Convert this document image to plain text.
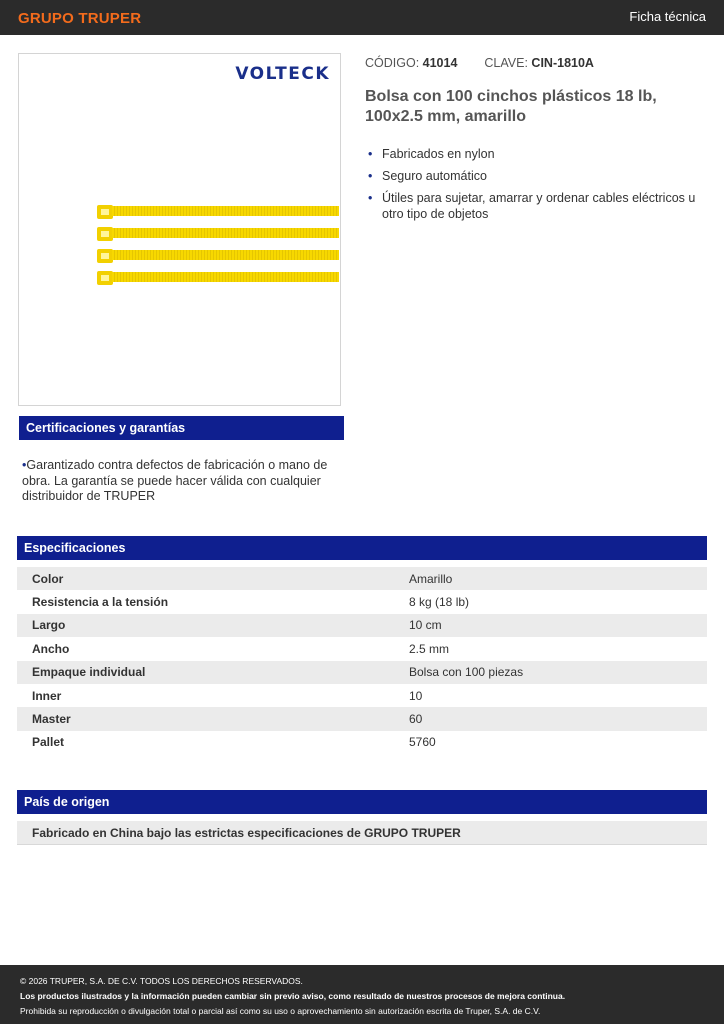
GRUPO TRUPER	Ficha técnica
VOLTECK
CÓDIGO: 41014 CLAVE: CIN-1810A
Bolsa con 100 cinchos plásticos 18 lb, 100x2.5 mm, amarillo
• Fabricados en nylon
• Seguro automático
• Útiles para sujetar, amarrar y ordenar cables eléctricos u otro tipo de objetos
Certificaciones y garantías
•Garantizado contra defectos de fabricación o mano de obra. La garantía se puede hacer válida con cualquier distribuidor de TRUPER
Especificaciones
Color	Amarillo
Resistencia a la tensión	8 kg (18 lb)
Largo	10 cm
Ancho	2.5 mm
Empaque individual	Bolsa con 100 piezas
Inner	10
Master	60
Pallet	5760
País de origen
Fabricado en China bajo las estrictas especificaciones de GRUPO TRUPER
© 2026 TRUPER, S.A. DE C.V. TODOS LOS DERECHOS RESERVADOS.
Los productos ilustrados y la información pueden cambiar sin previo aviso, como resultado de nuestros procesos de mejora continua.
Prohibida su reproducción o divulgación total o parcial así como su uso o aprovechamiento sin autorización escrita de Truper, S.A. de C.V.
